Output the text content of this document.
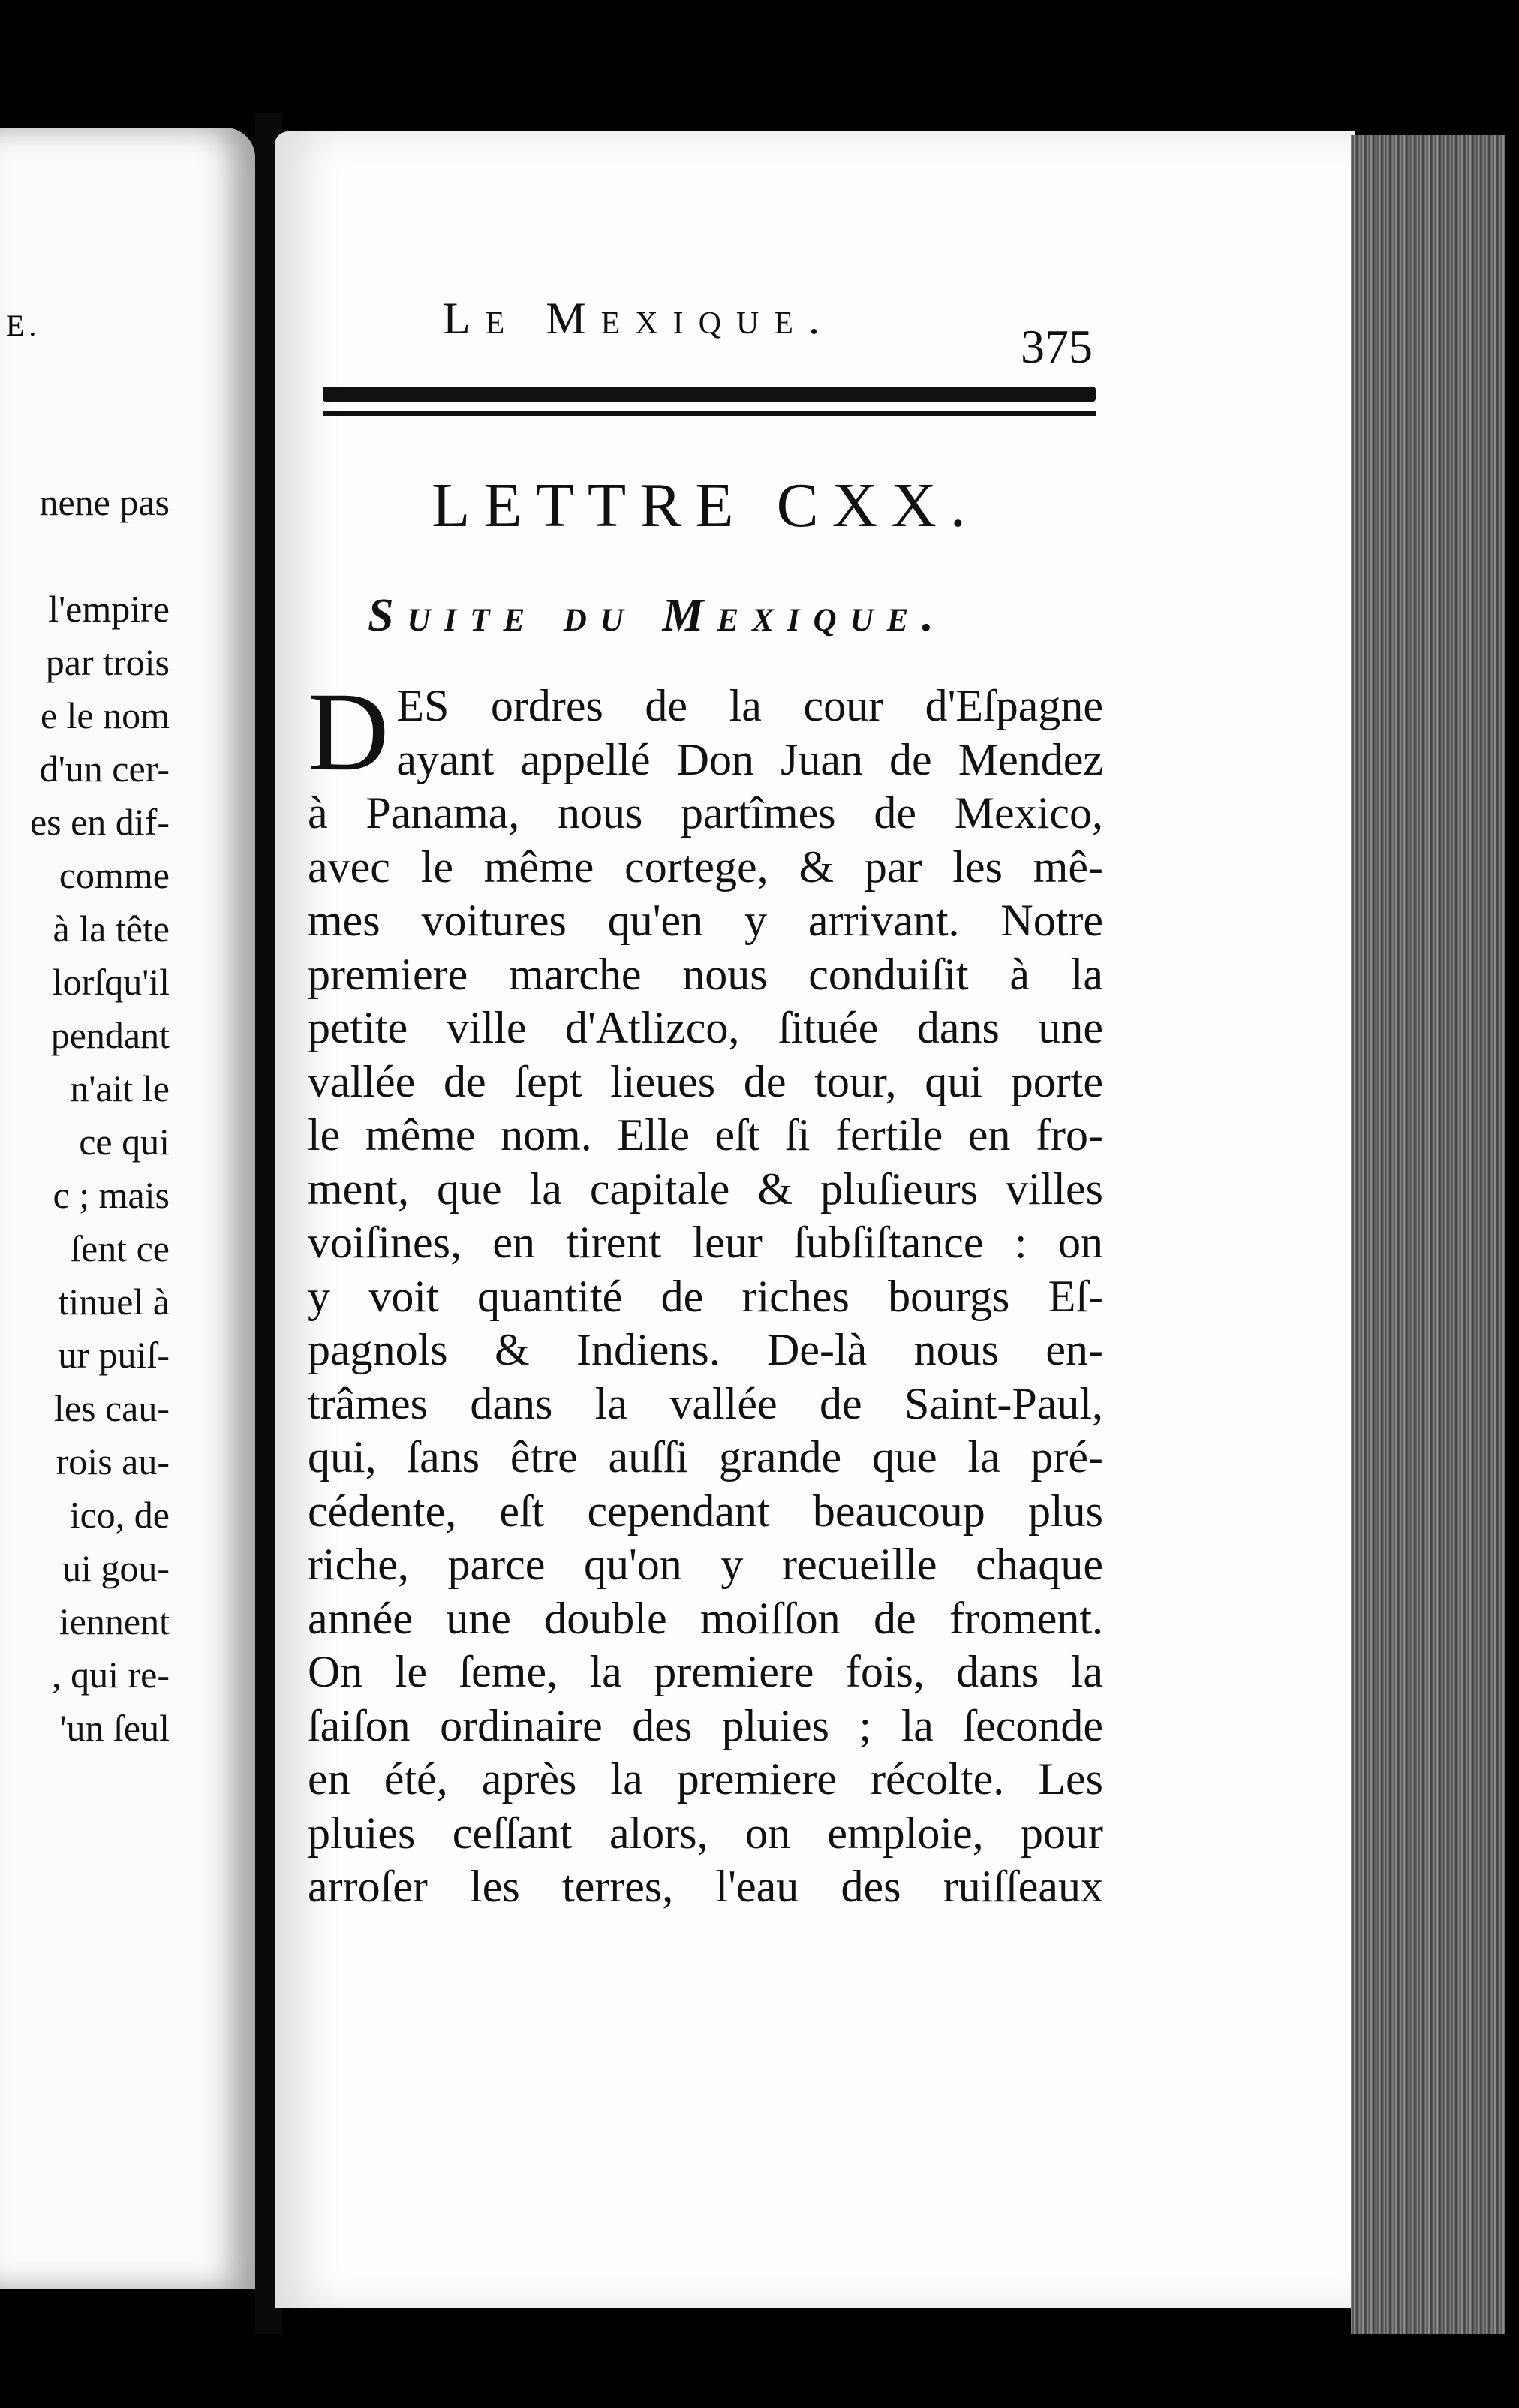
E.
nene pas
l'empire
par trois
e le nom
d'un cer-
es en dif-
comme
à la tête
lorſqu'il
pendant
n'ait le
ce qui
c ; mais
ſent ce
tinuel à
ur puiſ-
les cau-
rois au-
ico, de
ui gou-
iennent
, qui re-
'un ſeul
Le Mexique.
375
LETTRE CXX.
Suite du Mexique.
D ES ordres de la cour d'Eſpagne
ayant appellé Don Juan de Mendez
à Panama, nous partîmes de Mexico,
avec le même cortege, & par les mê-
mes voitures qu'en y arrivant. Notre
premiere marche nous conduiſit à la
petite ville d'Atlizco, ſituée dans une
vallée de ſept lieues de tour, qui porte
le même nom. Elle eſt ſi fertile en fro-
ment, que la capitale & pluſieurs villes
voiſines, en tirent leur ſubſiſtance : on
y voit quantité de riches bourgs Eſ-
pagnols & Indiens. De-là nous en-
trâmes dans la vallée de Saint-Paul,
qui, ſans être auſſi grande que la pré-
cédente, eſt cependant beaucoup plus
riche, parce qu'on y recueille chaque
année une double moiſſon de froment.
On le ſeme, la premiere fois, dans la
ſaiſon ordinaire des pluies ; la ſeconde
en été, après la premiere récolte. Les
pluies ceſſant alors, on emploie, pour
arroſer les terres, l'eau des ruiſſeaux
